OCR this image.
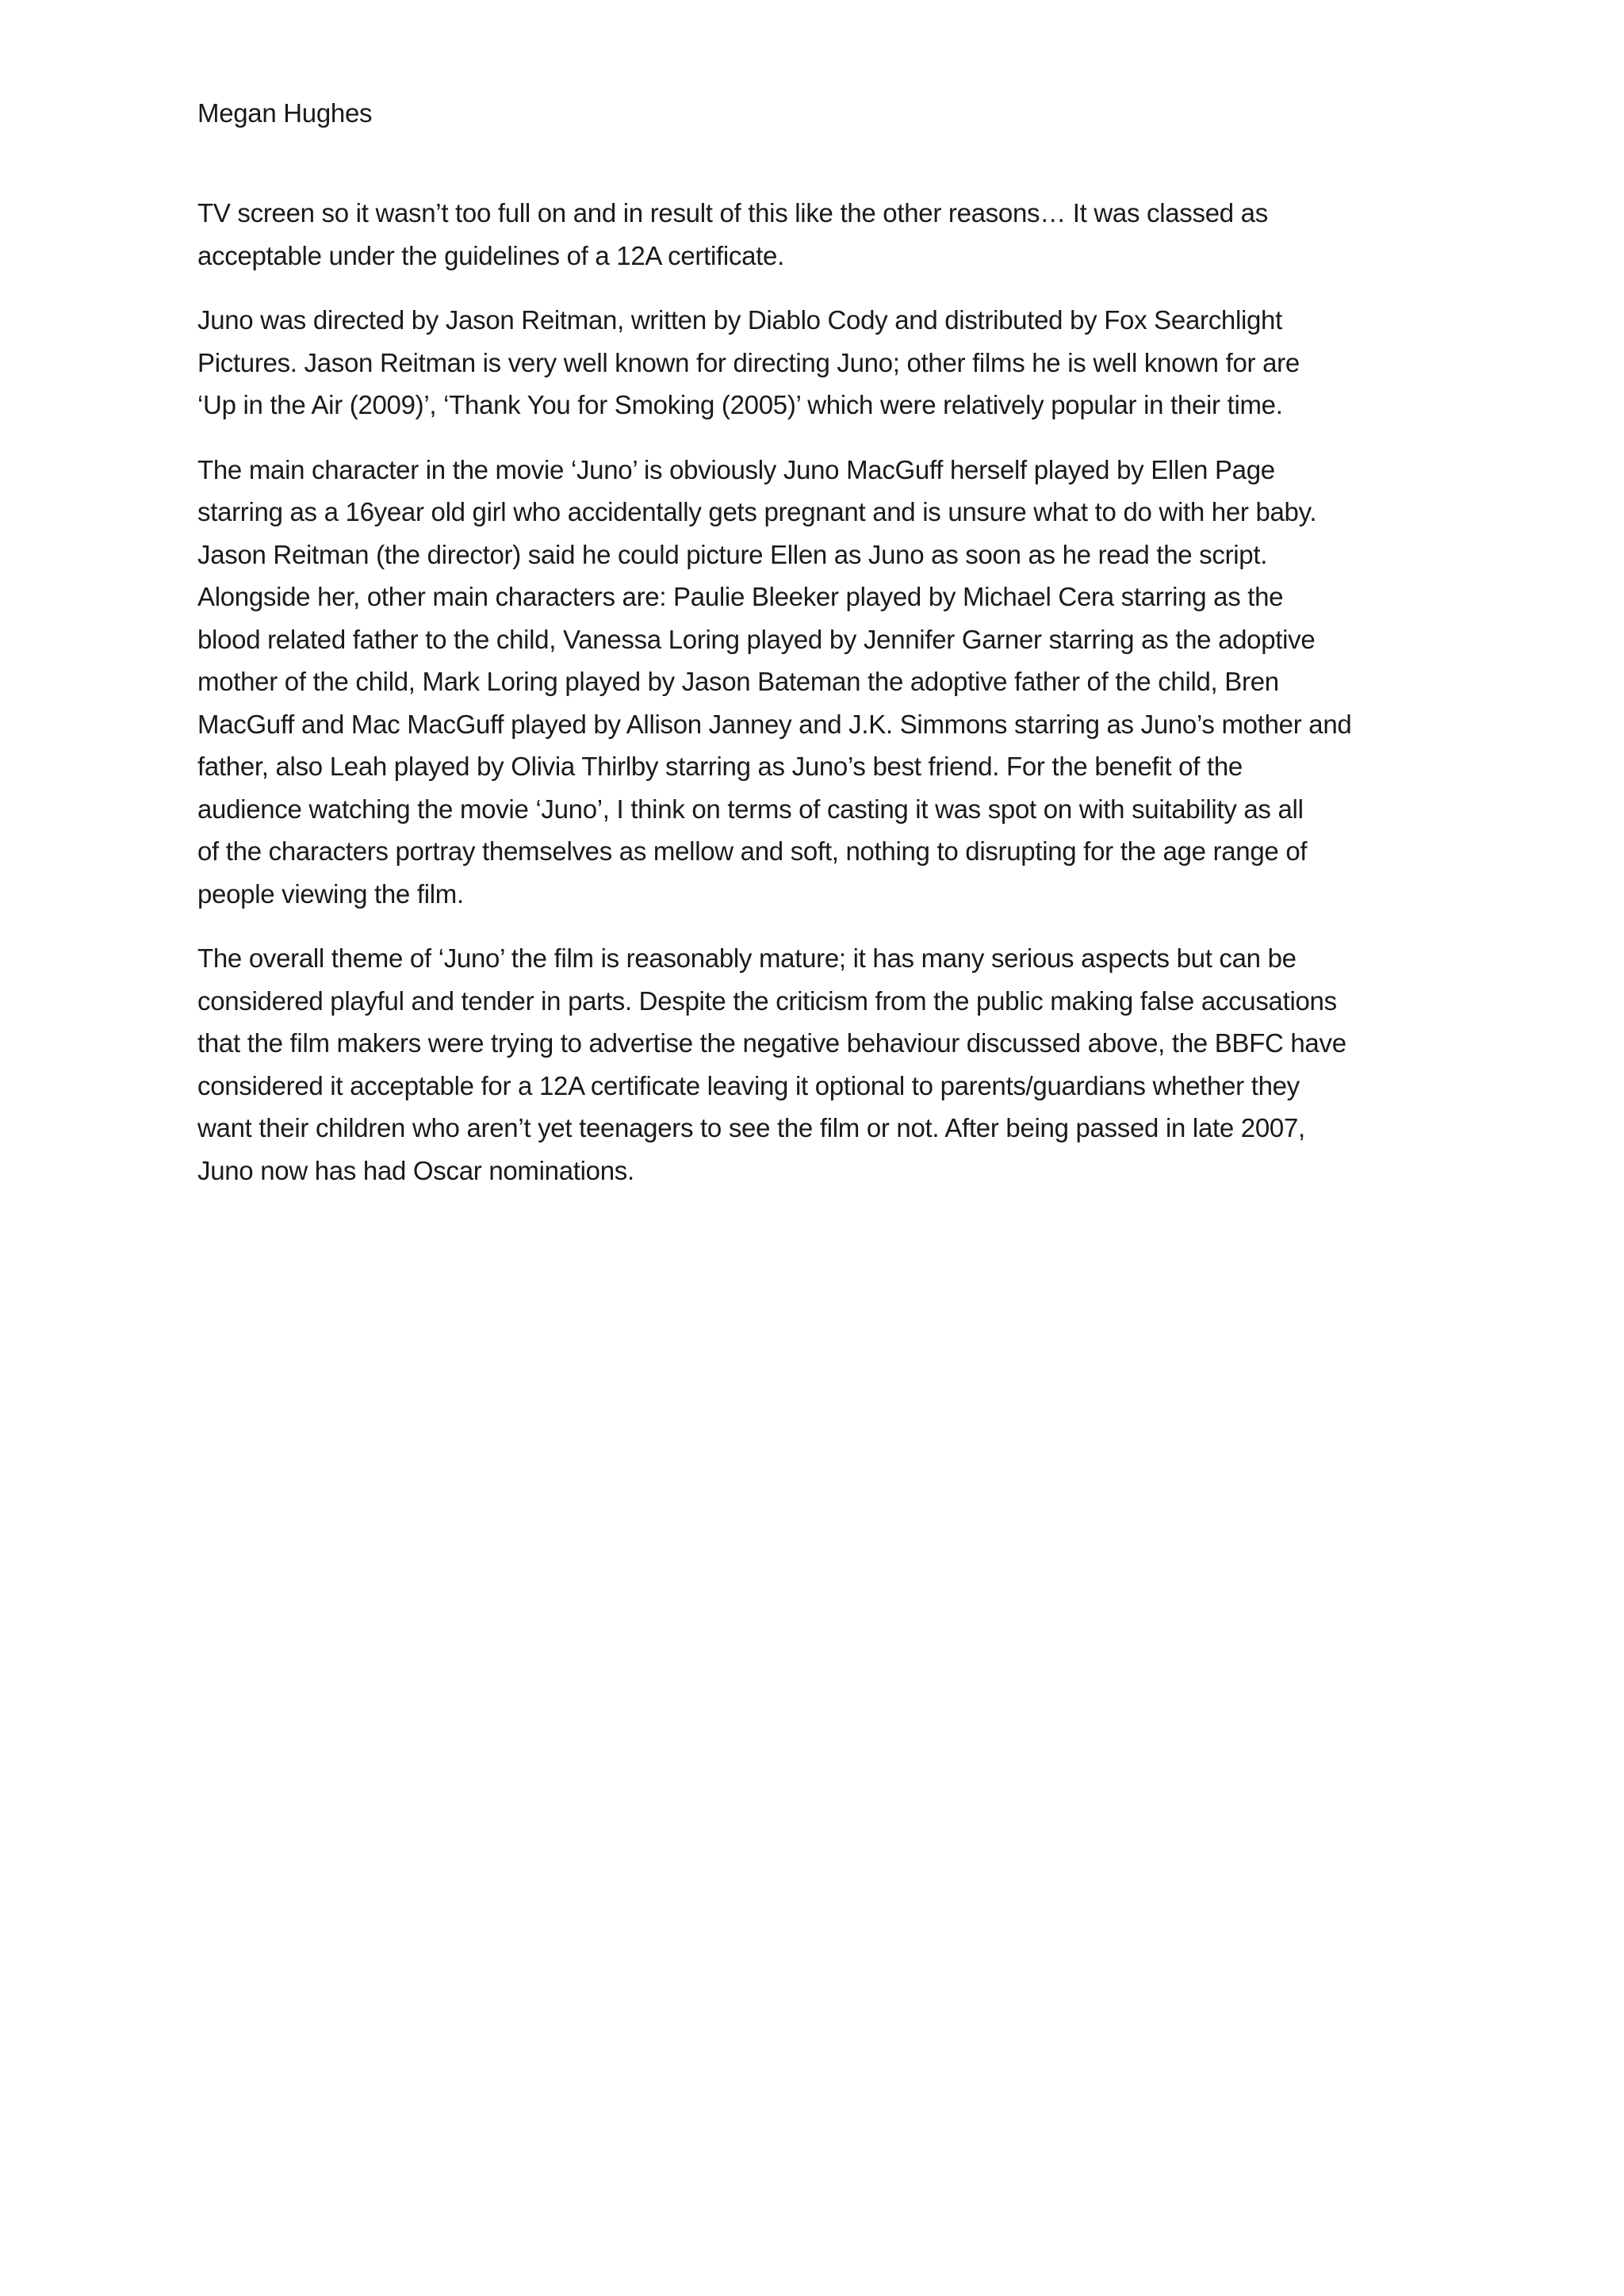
Megan Hughes

TV screen so it wasn’t too full on and in result of this like the other reasons… It was classed as
acceptable under the guidelines of a 12A certificate.

Juno was directed by Jason Reitman, written by Diablo Cody and distributed by Fox Searchlight
Pictures. Jason Reitman is very well known for directing Juno; other films he is well known for are
‘Up in the Air (2009)’, ‘Thank You for Smoking (2005)’ which were relatively popular in their time.

The main character in the movie ‘Juno’ is obviously Juno MacGuff herself played by Ellen Page
starring as a 16year old girl who accidentally gets pregnant and is unsure what to do with her baby.
Jason Reitman (the director) said he could picture Ellen as Juno as soon as he read the script.
Alongside her, other main characters are: Paulie Bleeker played by Michael Cera starring as the
blood related father to the child, Vanessa Loring played by Jennifer Garner starring as the adoptive
mother of the child, Mark Loring played by Jason Bateman the adoptive father of the child, Bren
MacGuff and Mac MacGuff played by Allison Janney and J.K. Simmons starring as Juno’s mother and
father, also Leah played by Olivia Thirlby starring as Juno’s best friend. For the benefit of the
audience watching the movie ‘Juno’, I think on terms of casting it was spot on with suitability as all
of the characters portray themselves as mellow and soft, nothing to disrupting for the age range of
people viewing the film.

The overall theme of ‘Juno’ the film is reasonably mature; it has many serious aspects but can be
considered playful and tender in parts. Despite the criticism from the public making false accusations
that the film makers were trying to advertise the negative behaviour discussed above, the BBFC have
considered it acceptable for a 12A certificate leaving it optional to parents/guardians whether they
want their children who aren’t yet teenagers to see the film or not. After being passed in late 2007,
Juno now has had Oscar nominations.
